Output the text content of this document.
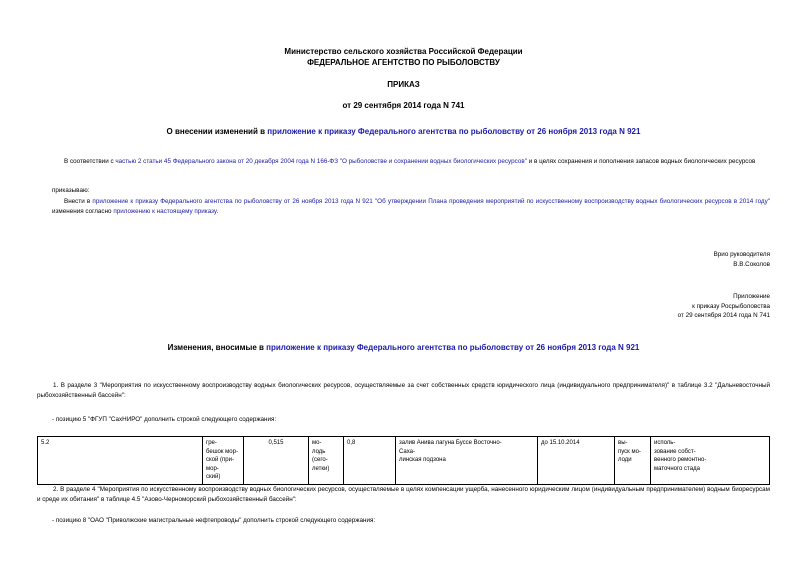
Министерство сельского хозяйства Российской Федерации
ФЕДЕРАЛЬНОЕ АГЕНТСТВО ПО РЫБОЛОВСТВУ
ПРИКАЗ
от 29 сентября 2014 года N 741
О внесении изменений в приложение к приказу Федерального агентства по рыболовству от 26 ноября 2013 года N 921
В соответствии с частью 2 статьи 45 Федерального закона от 20 декабря 2004 года N 166-ФЗ "О рыболовстве и сохранении водных биологических ресурсов" и в целях сохранения и пополнения запасов водных биологических ресурсов
приказываю:
Внести в приложение к приказу Федерального агентства по рыболовству от 26 ноября 2013 года N 921 "Об утверждении Плана проведения мероприятий по искусственному воспроизводству водных биологических ресурсов в 2014 году" изменения согласно приложению к настоящему приказу.
Врио руководителя
В.В.Соколов
Приложение
к приказу Росрыболовства
от 29 сентября 2014 года N 741
Изменения, вносимые в приложение к приказу Федерального агентства по рыболовству от 26 ноября 2013 года N 921
1. В разделе 3 "Мероприятия по искусственному воспроизводству водных биологических ресурсов, осуществляемые за счет собственных средств юридического лица (индивидуального предпринимателя)" в таблице 3.2 "Дальневосточный рыбохозяйственный бассейн":
- позицию 5 "ФГУП "СахНИРО" дополнить строкой следующего содержания:
5.2	гре-
бешок мор-
ской (при-
мор-
ский)	0,515	мо-
лодь (сего-
летки)	0,8	залив Анива лагуна Буссе Восточно-
Саха-
линская подзона	до 15.10.2014	вы-
пуск мо-
лоди	исполь-
зование собст-
венного ремонтно-
маточного стада
2. В разделе 4 "Мероприятия по искусственному воспроизводству водных биологических ресурсов, осуществляемые в целях компенсации ущерба, нанесенного юридическим лицом (индивидуальным предпринимателем) водным биоресурсам и среде их обитания" в таблице 4.5 "Азово-Черноморский рыбохозяйственный бассейн":
- позицию 8 "ОАО "Приволжские магистральные нефтепроводы" дополнить строкой следующего содержания:
